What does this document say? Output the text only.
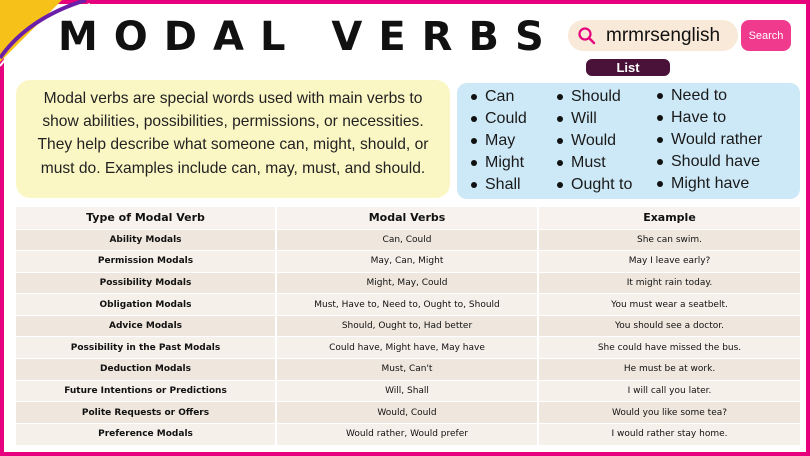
MODAL VERBS mrmrsenglish	Search
List
Modal verbs are special words used with main verbs to show abilities, possibilities, permissions, or necessities. They help describe what someone can, might, should, or must do. Examples include can, may, must, and should.
Can
Could
May
Might
Shall
Should
Will
Would
Must
Ought to
Need to
Have to
Would rather
Should have
Might have
Type of Modal Verb	Modal Verbs	Example
Ability Modals	Can, Could	She can swim.
Permission Modals	May, Can, Might	May I leave early?
Possibility Modals	Might, May, Could	It might rain today.
Obligation Modals	Must, Have to, Need to, Ought to, Should	You must wear a seatbelt.
Advice Modals	Should, Ought to, Had better	You should see a doctor.
Possibility in the Past Modals	Could have, Might have, May have	She could have missed the bus.
Deduction Modals	Must, Can't	He must be at work.
Future Intentions or Predictions	Will, Shall	I will call you later.
Polite Requests or Offers	Would, Could	Would you like some tea?
Preference Modals	Would rather, Would prefer	I would rather stay home.
